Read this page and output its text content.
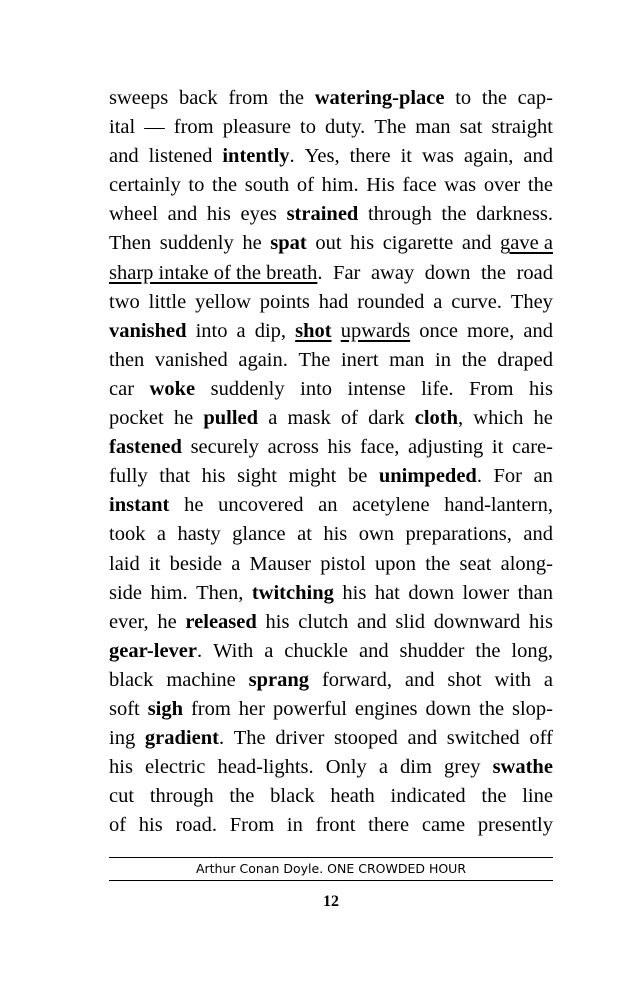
sweeps back from the watering-place to the cap-
ital — from pleasure to duty. The man sat straight
and listened intently. Yes, there it was again, and
certainly to the south of him. His face was over the
wheel and his eyes strained through the darkness.
Then suddenly he spat out his cigarette and gave a
sharp intake of the breath. Far away down the road
two little yellow points had rounded a curve. They
vanished into a dip, shot upwards once more, and
then vanished again. The inert man in the draped
car woke suddenly into intense life. From his
pocket he pulled a mask of dark cloth, which he
fastened securely across his face, adjusting it care-
fully that his sight might be unimpeded. For an
instant he uncovered an acetylene hand-lantern,
took a hasty glance at his own preparations, and
laid it beside a Mauser pistol upon the seat along-
side him. Then, twitching his hat down lower than
ever, he released his clutch and slid downward his
gear-lever. With a chuckle and shudder the long,
black machine sprang forward, and shot with a
soft sigh from her powerful engines down the slop-
ing gradient. The driver stooped and switched off
his electric head-lights. Only a dim grey swathe
cut through the black heath indicated the line
of his road. From in front there came presently
Arthur Conan Doyle. ONE CROWDED HOUR
12
